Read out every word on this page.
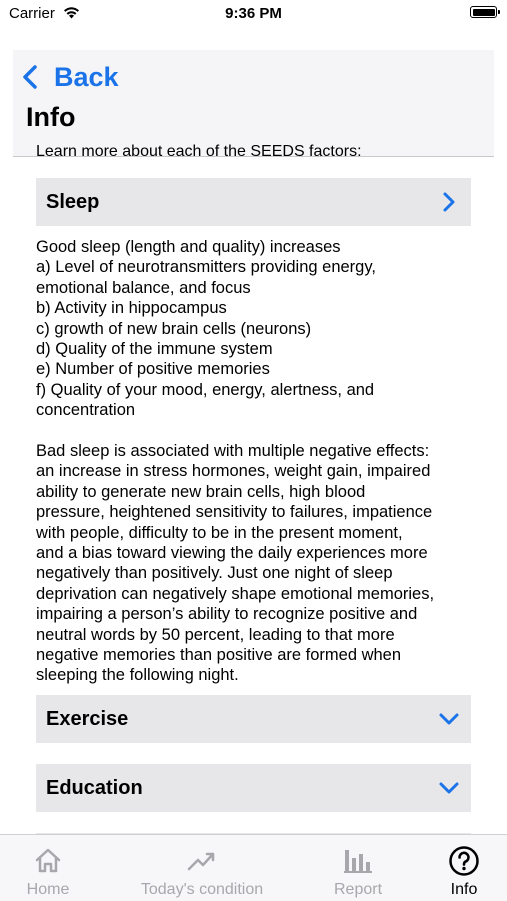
Carrier	9:36 PM
Back
Info
Learn more about each of the SEEDS factors:
Sleep
Good sleep (length and quality) increases
a) Level of neurotransmitters providing energy,
emotional balance, and focus
b) Activity in hippocampus
c) growth of new brain cells (neurons)
d) Quality of the immune system
e) Number of positive memories
f) Quality of your mood, energy, alertness, and
concentration
Bad sleep is associated with multiple negative effects:
an increase in stress hormones, weight gain, impaired
ability to generate new brain cells, high blood
pressure, heightened sensitivity to failures, impatience
with people, difficulty to be in the present moment,
and a bias toward viewing the daily experiences more
negatively than positively. Just one night of sleep
deprivation can negatively shape emotional memories,
impairing a person’s ability to recognize positive and
neutral words by 50 percent, leading to that more
negative memories than positive are formed when
sleeping the following night.
Exercise
Education
Home	Today's condition	Report	Info
